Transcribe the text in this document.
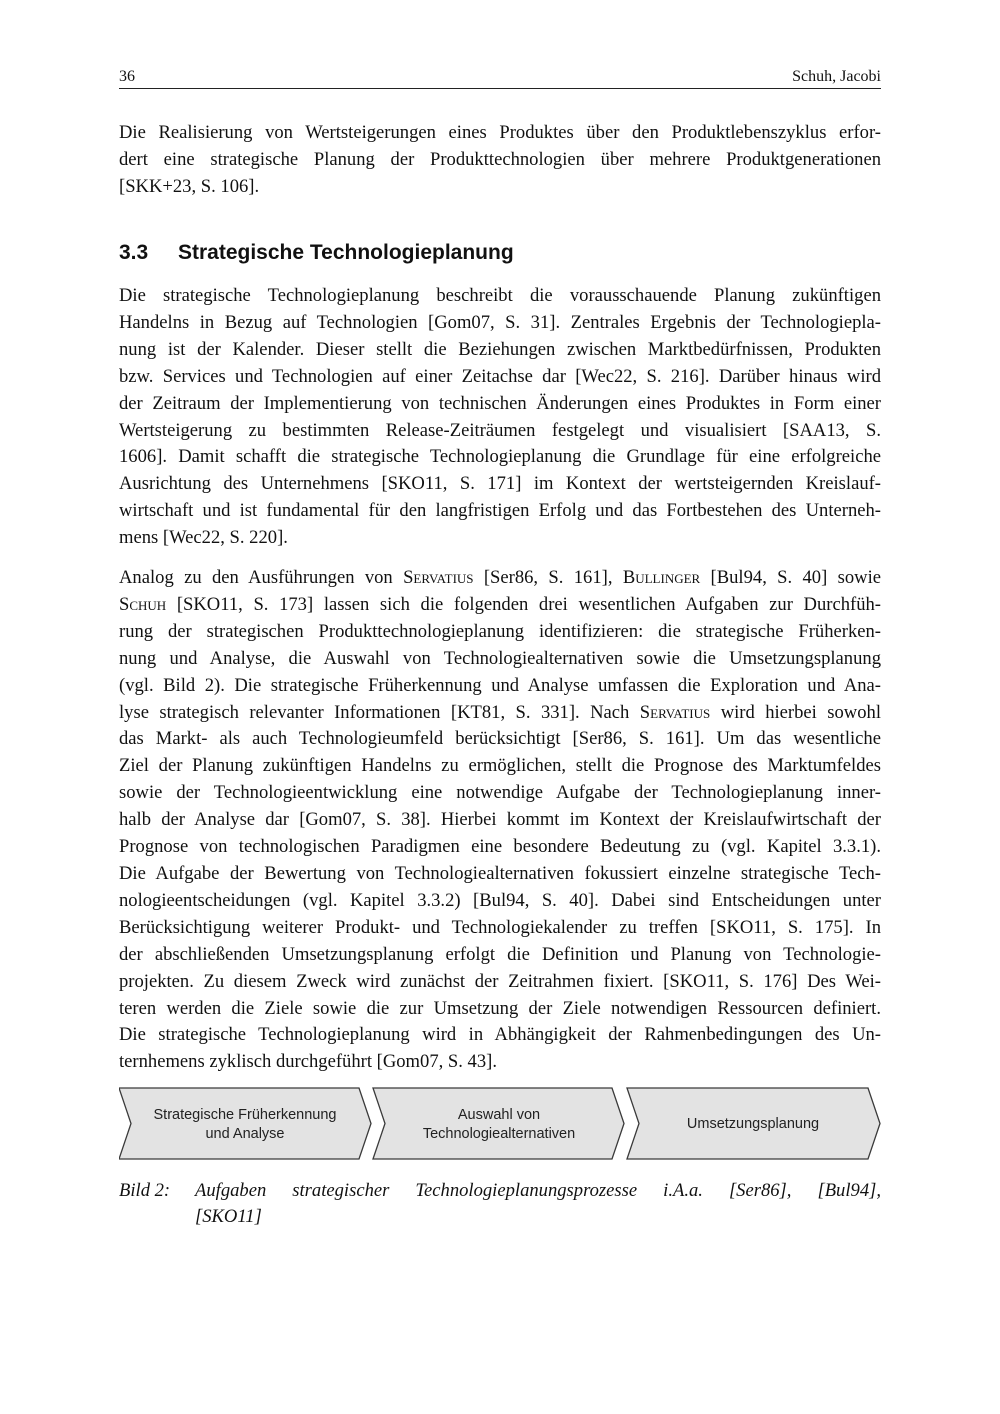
36	Schuh, Jacobi

Die Realisierung von Wertsteigerungen eines Produktes über den Produktlebenszyklus erfor-
dert eine strategische Planung der Produkttechnologien über mehrere Produktgenerationen
[SKK+23, S. 106].

3.3 Strategische Technologieplanung

Die strategische Technologieplanung beschreibt die vorausschauende Planung zukünftigen
Handelns in Bezug auf Technologien [Gom07, S. 31]. Zentrales Ergebnis der Technologiepla-
nung ist der Kalender. Dieser stellt die Beziehungen zwischen Marktbedürfnissen, Produkten
bzw. Services und Technologien auf einer Zeitachse dar [Wec22, S. 216]. Darüber hinaus wird
der Zeitraum der Implementierung von technischen Änderungen eines Produktes in Form einer
Wertsteigerung zu bestimmten Release-Zeiträumen festgelegt und visualisiert [SAA13, S.
1606]. Damit schafft die strategische Technologieplanung die Grundlage für eine erfolgreiche
Ausrichtung des Unternehmens [SKO11, S. 171] im Kontext der wertsteigernden Kreislauf-
wirtschaft und ist fundamental für den langfristigen Erfolg und das Fortbestehen des Unterneh-
mens [Wec22, S. 220].

Analog zu den Ausführungen von Servatius [Ser86, S. 161], Bullinger [Bul94, S. 40] sowie
Schuh [SKO11, S. 173] lassen sich die folgenden drei wesentlichen Aufgaben zur Durchfüh-
rung der strategischen Produkttechnologieplanung identifizieren: die strategische Früherken-
nung und Analyse, die Auswahl von Technologiealternativen sowie die Umsetzungsplanung
(vgl. Bild 2). Die strategische Früherkennung und Analyse umfassen die Exploration und Ana-
lyse strategisch relevanter Informationen [KT81, S. 331]. Nach Servatius wird hierbei sowohl
das Markt- als auch Technologieumfeld berücksichtigt [Ser86, S. 161]. Um das wesentliche
Ziel der Planung zukünftigen Handelns zu ermöglichen, stellt die Prognose des Marktumfeldes
sowie der Technologieentwicklung eine notwendige Aufgabe der Technologieplanung inner-
halb der Analyse dar [Gom07, S. 38]. Hierbei kommt im Kontext der Kreislaufwirtschaft der
Prognose von technologischen Paradigmen eine besondere Bedeutung zu (vgl. Kapitel 3.3.1).
Die Aufgabe der Bewertung von Technologiealternativen fokussiert einzelne strategische Tech-
nologieentscheidungen (vgl. Kapitel 3.3.2) [Bul94, S. 40]. Dabei sind Entscheidungen unter
Berücksichtigung weiterer Produkt- und Technologiekalender zu treffen [SKO11, S. 175]. In
der abschließenden Umsetzungsplanung erfolgt die Definition und Planung von Technologie-
projekten. Zu diesem Zweck wird zunächst der Zeitrahmen fixiert. [SKO11, S. 176] Des Wei-
teren werden die Ziele sowie die zur Umsetzung der Ziele notwendigen Ressourcen definiert.
Die strategische Technologieplanung wird in Abhängigkeit der Rahmenbedingungen des Un-
ternhemens zyklisch durchgeführt [Gom07, S. 43].

Strategische Früherkennung
und Analyse
Auswahl von
Technologiealternativen
Umsetzungsplanung
Bild 2: Aufgaben strategischer Technologieplanungsprozesse i.A.a. [Ser86], [Bul94],
[SKO11]
